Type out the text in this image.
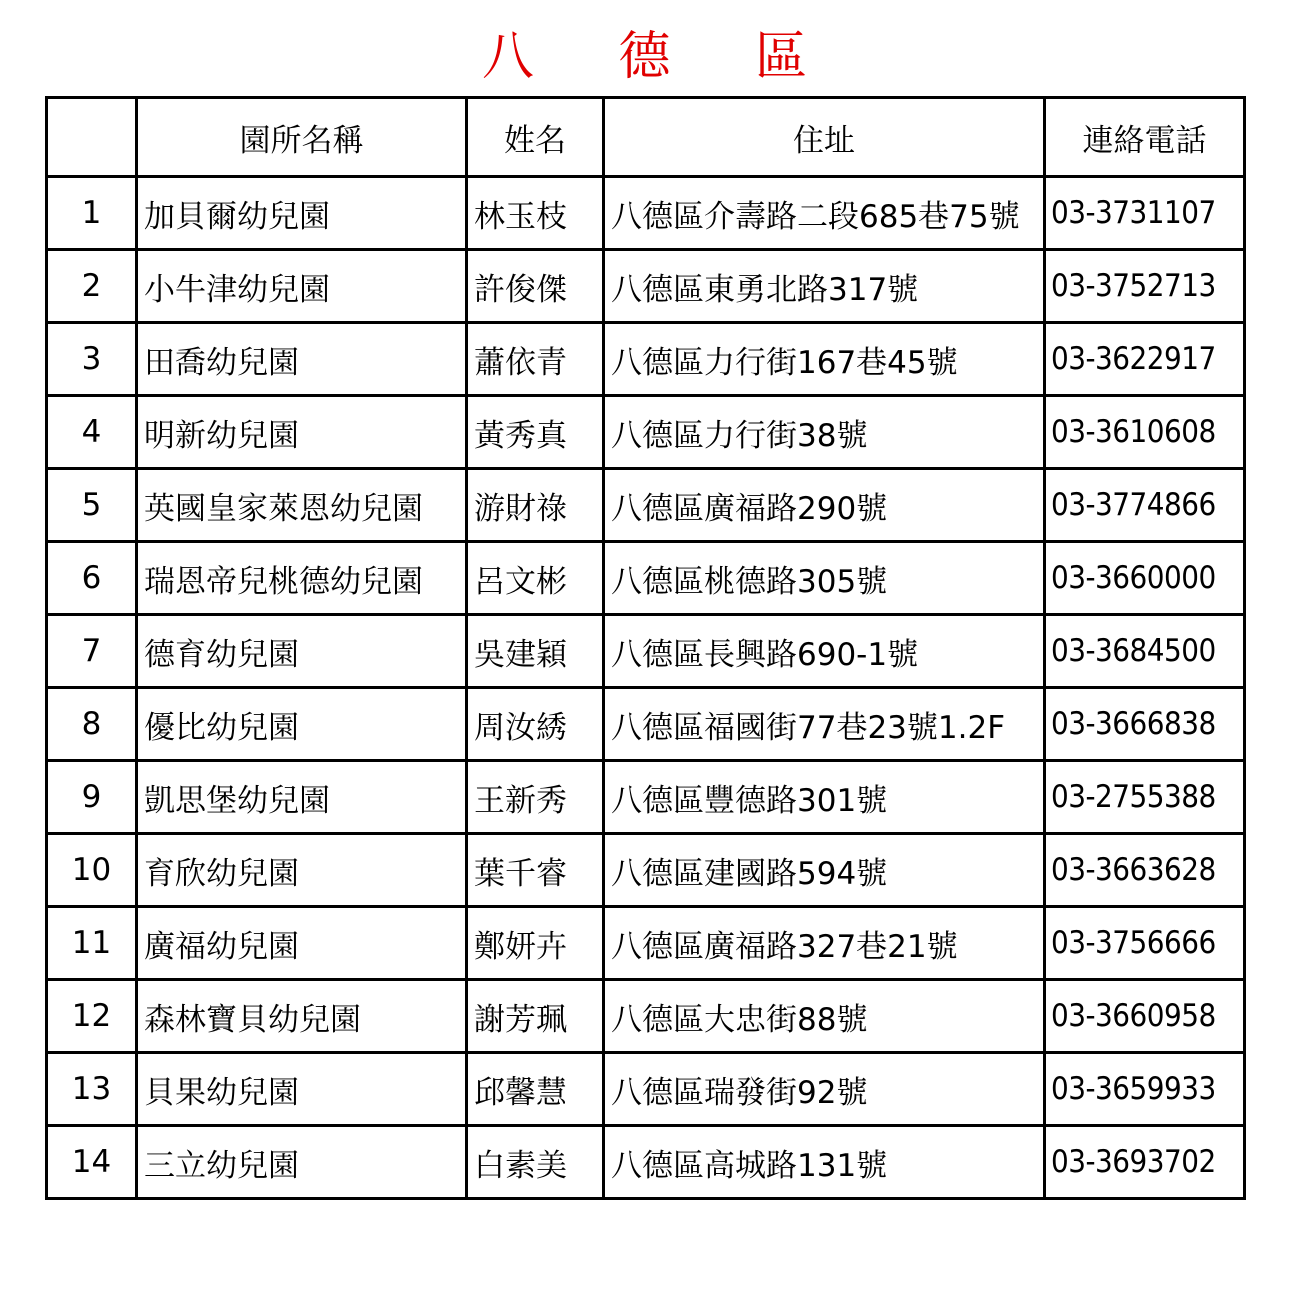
八 德 區
	園所名稱	姓名	住址	連絡電話
1	加貝爾幼兒園	林玉枝	八德區介壽路二段685巷75號	03-3731107
2	小牛津幼兒園	許俊傑	八德區東勇北路317號	03-3752713
3	田喬幼兒園	蕭依青	八德區力行街167巷45號	03-3622917
4	明新幼兒園	黃秀真	八德區力行街38號	03-3610608
5	英國皇家萊恩幼兒園	游財祿	八德區廣福路290號	03-3774866
6	瑞恩帝兒桃德幼兒園	呂文彬	八德區桃德路305號	03-3660000
7	德育幼兒園	吳建穎	八德區長興路690-1號	03-3684500
8	優比幼兒園	周汝綉	八德區福國街77巷23號1.2F	03-3666838
9	凱思堡幼兒園	王新秀	八德區豐德路301號	03-2755388
10	育欣幼兒園	葉千睿	八德區建國路594號	03-3663628
11	廣福幼兒園	鄭妍卉	八德區廣福路327巷21號	03-3756666
12	森林寶貝幼兒園	謝芳珮	八德區大忠街88號	03-3660958
13	貝果幼兒園	邱馨慧	八德區瑞發街92號	03-3659933
14	三立幼兒園	白素美	八德區高城路131號	03-3693702
